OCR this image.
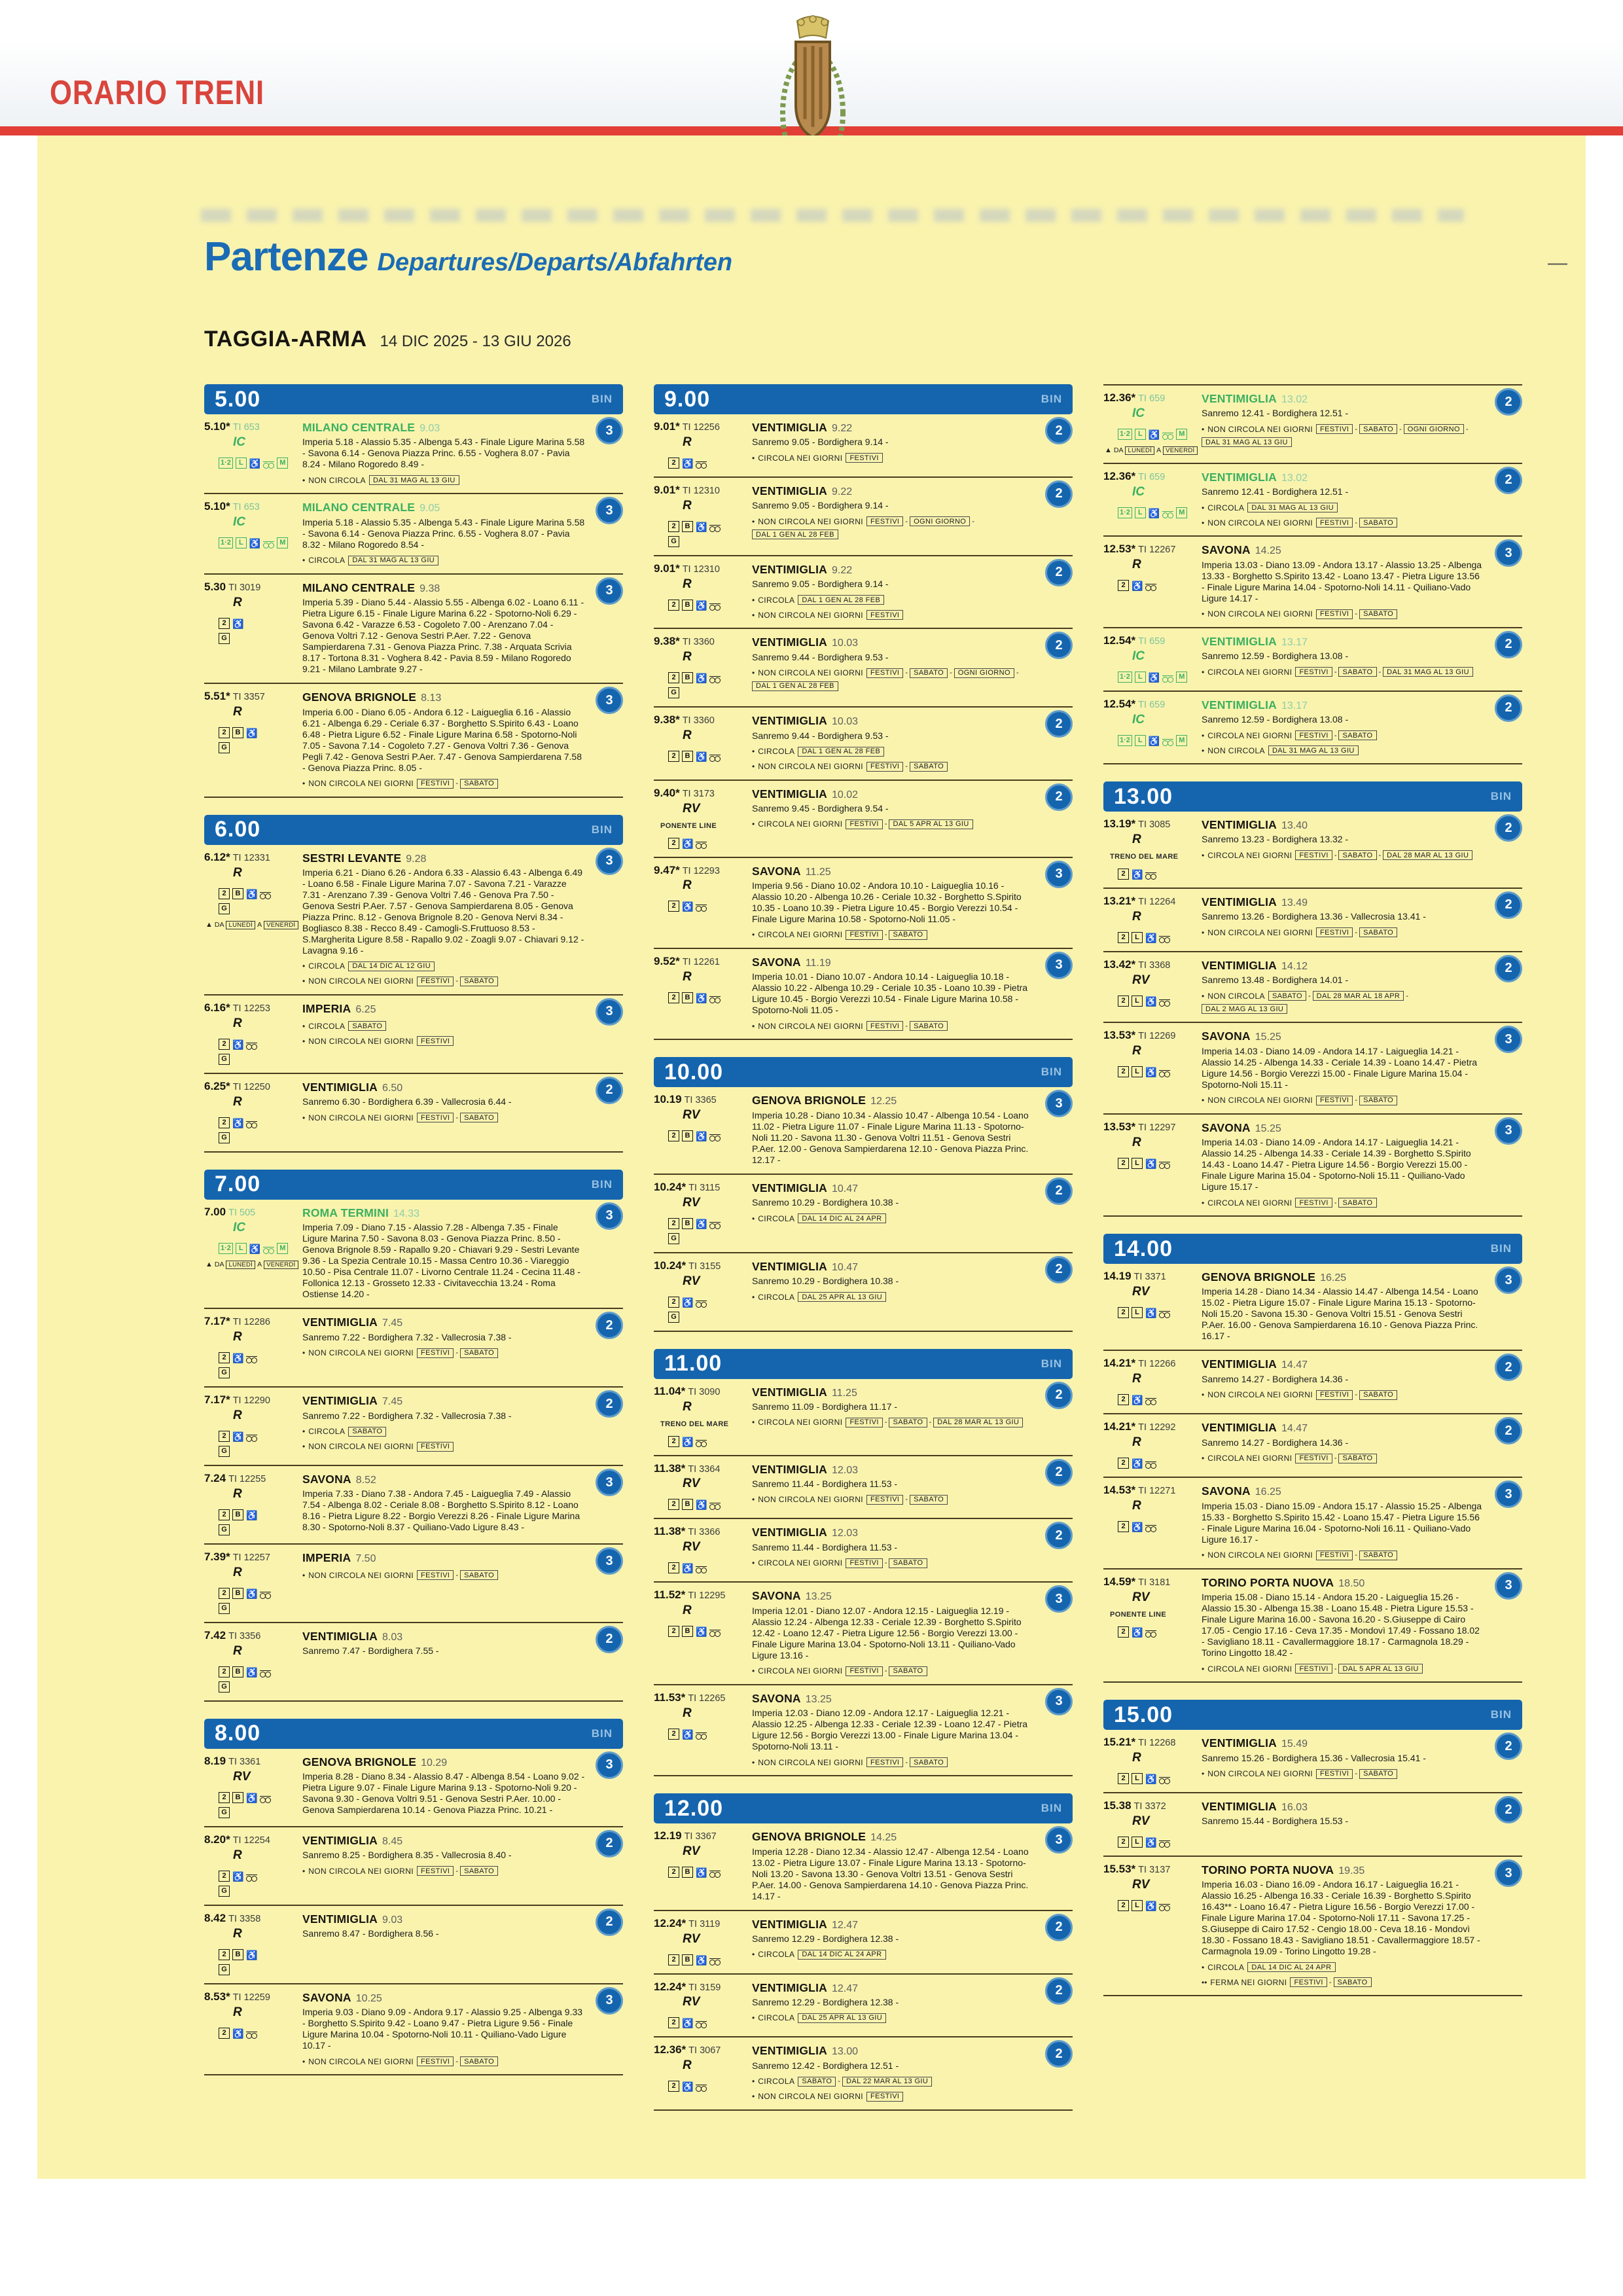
ORARIO TRENI
Partenze Departures/Departs/Abfahrten	—
TAGGIA-ARMA 14 DIC 2025 - 13 GIU 2026
5.00	BIN
5.10* TI 653
IC
1·2	L ♿	M
MILANO CENTRALE 9.03

Imperia 5.18 - Alassio 5.35 - Albenga 5.43 - Finale Ligure Marina 5.58 - Savona 6.14 - Genova Piazza Princ. 6.55 - Voghera 8.07 - Pavia 8.24 - Milano Rogoredo 8.49 -

• NON CIRCOLA	DAL 31 MAG AL 13 GIU
3
5.10* TI 653
IC
1·2	L ♿	M
MILANO CENTRALE 9.05

Imperia 5.18 - Alassio 5.35 - Albenga 5.43 - Finale Ligure Marina 5.58 - Savona 6.14 - Genova Piazza Princ. 6.55 - Voghera 8.07 - Pavia 8.32 - Milano Rogoredo 8.54 -

• CIRCOLA	DAL 31 MAG AL 13 GIU
3
5.30 TI 3019
R
2 ♿
G
MILANO CENTRALE 9.38

Imperia 5.39 - Diano 5.44 - Alassio 5.55 - Albenga 6.02 - Loano 6.11 - Pietra Ligure 6.15 - Finale Ligure Marina 6.22 - Spotorno-Noli 6.29 - Savona 6.42 - Varazze 6.53 - Cogoleto 7.00 - Arenzano 7.04 - Genova Voltri 7.12 - Genova Sestri P.Aer. 7.22 - Genova Sampierdarena 7.31 - Genova Piazza Princ. 7.38 - Arquata Scrivia 8.17 - Tortona 8.31 - Voghera 8.42 - Pavia 8.59 - Milano Rogoredo 9.21 - Milano Lambrate 9.27 -

3
5.51* TI 3357
R
2	B ♿
G
GENOVA BRIGNOLE 8.13

Imperia 6.00 - Diano 6.05 - Andora 6.12 - Laigueglia 6.16 - Alassio 6.21 - Albenga 6.29 - Ceriale 6.37 - Borghetto S.Spirito 6.43 - Loano 6.48 - Pietra Ligure 6.52 - Finale Ligure Marina 6.58 - Spotorno-Noli 7.05 - Savona 7.14 - Cogoleto 7.27 - Genova Voltri 7.36 - Genova Pegli 7.42 - Genova Sestri P.Aer. 7.47 - Genova Sampierdarena 7.58 - Genova Piazza Princ. 8.05 -

• NON CIRCOLA NEI GIORNI	FESTIVI - SABATO
3
6.00	BIN
6.12* TI 12331
R
2	B ♿
G
▲ DA LUNEDÌ A VENERDÌ
SESTRI LEVANTE 9.28

Imperia 6.21 - Diano 6.26 - Andora 6.33 - Alassio 6.43 - Albenga 6.49 - Loano 6.58 - Finale Ligure Marina 7.07 - Savona 7.21 - Varazze 7.31 - Arenzano 7.39 - Genova Voltri 7.46 - Genova Pra 7.50 - Genova Sestri P.Aer. 7.57 - Genova Sampierdarena 8.05 - Genova Piazza Princ. 8.12 - Genova Brignole 8.20 - Genova Nervi 8.34 - Bogliasco 8.38 - Recco 8.49 - Camogli-S.Fruttuoso 8.53 - S.Margherita Ligure 8.58 - Rapallo 9.02 - Zoagli 9.07 - Chiavari 9.12 - Lavagna 9.16 -

• CIRCOLA	DAL 14 DIC AL 12 GIU
• NON CIRCOLA NEI GIORNI	FESTIVI - SABATO
3
6.16* TI 12253
R
2 ♿
G
IMPERIA 6.25
• CIRCOLA	SABATO
• NON CIRCOLA NEI GIORNI	FESTIVI
3
6.25* TI 12250
R
2 ♿
G
VENTIMIGLIA 6.50

Sanremo 6.30 - Bordighera 6.39 - Vallecrosia 6.44 -

• NON CIRCOLA NEI GIORNI	FESTIVI - SABATO
2
7.00	BIN
7.00 TI 505
IC
1·2	L ♿	M
▲ DA LUNEDÌ A VENERDÌ
ROMA TERMINI 14.33

Imperia 7.09 - Diano 7.15 - Alassio 7.28 - Albenga 7.35 - Finale Ligure Marina 7.50 - Savona 8.03 - Genova Piazza Princ. 8.50 - Genova Brignole 8.59 - Rapallo 9.20 - Chiavari 9.29 - Sestri Levante 9.36 - La Spezia Centrale 10.15 - Massa Centro 10.36 - Viareggio 10.50 - Pisa Centrale 11.07 - Livorno Centrale 11.24 - Cecina 11.48 - Follonica 12.13 - Grosseto 12.33 - Civitavecchia 13.24 - Roma Ostiense 14.20 -

3
7.17* TI 12286
R
2 ♿
G
VENTIMIGLIA 7.45

Sanremo 7.22 - Bordighera 7.32 - Vallecrosia 7.38 -

• NON CIRCOLA NEI GIORNI	FESTIVI - SABATO
2
7.17* TI 12290
R
2 ♿
G
VENTIMIGLIA 7.45

Sanremo 7.22 - Bordighera 7.32 - Vallecrosia 7.38 -

• CIRCOLA	SABATO
• NON CIRCOLA NEI GIORNI	FESTIVI
2
7.24 TI 12255
R
2	B ♿
G
SAVONA 8.52

Imperia 7.33 - Diano 7.38 - Andora 7.45 - Laigueglia 7.49 - Alassio 7.54 - Albenga 8.02 - Ceriale 8.08 - Borghetto S.Spirito 8.12 - Loano 8.16 - Pietra Ligure 8.22 - Borgio Verezzi 8.26 - Finale Ligure Marina 8.30 - Spotorno-Noli 8.37 - Quiliano-Vado Ligure 8.43 -

3
7.39* TI 12257
R
2	B ♿
G
IMPERIA 7.50
• NON CIRCOLA NEI GIORNI	FESTIVI - SABATO
3
7.42 TI 3356
R
2	B ♿
G
VENTIMIGLIA 8.03

Sanremo 7.47 - Bordighera 7.55 -

2
8.00	BIN
8.19 TI 3361
RV
2	B ♿
G
GENOVA BRIGNOLE 10.29

Imperia 8.28 - Diano 8.34 - Alassio 8.47 - Albenga 8.54 - Loano 9.02 - Pietra Ligure 9.07 - Finale Ligure Marina 9.13 - Spotorno-Noli 9.20 - Savona 9.30 - Genova Voltri 9.51 - Genova Sestri P.Aer. 10.00 - Genova Sampierdarena 10.14 - Genova Piazza Princ. 10.21 -

3
8.20* TI 12254
R
2 ♿
G
VENTIMIGLIA 8.45

Sanremo 8.25 - Bordighera 8.35 - Vallecrosia 8.40 -

• NON CIRCOLA NEI GIORNI	FESTIVI - SABATO
2
8.42 TI 3358
R
2	B ♿
G
VENTIMIGLIA 9.03

Sanremo 8.47 - Bordighera 8.56 -

2
8.53* TI 12259
R
2 ♿
SAVONA 10.25

Imperia 9.03 - Diano 9.09 - Andora 9.17 - Alassio 9.25 - Albenga 9.33 - Borghetto S.Spirito 9.42 - Loano 9.47 - Pietra Ligure 9.56 - Finale Ligure Marina 10.04 - Spotorno-Noli 10.11 - Quiliano-Vado Ligure 10.17 -

• NON CIRCOLA NEI GIORNI	FESTIVI - SABATO
3
9.00	BIN
9.01* TI 12256
R
2 ♿
VENTIMIGLIA 9.22

Sanremo 9.05 - Bordighera 9.14 -

• CIRCOLA NEI GIORNI	FESTIVI
2
9.01* TI 12310
R
2	B ♿
G
VENTIMIGLIA 9.22

Sanremo 9.05 - Bordighera 9.14 -

• NON CIRCOLA NEI GIORNI	FESTIVI - OGNI GIORNO -
DAL 1 GEN AL 28 FEB
2
9.01* TI 12310
R
2	B ♿
VENTIMIGLIA 9.22

Sanremo 9.05 - Bordighera 9.14 -

• CIRCOLA	DAL 1 GEN AL 28 FEB
• NON CIRCOLA NEI GIORNI	FESTIVI
2
9.38* TI 3360
R
2	B ♿
G
VENTIMIGLIA 10.03

Sanremo 9.44 - Bordighera 9.53 -

• NON CIRCOLA NEI GIORNI	FESTIVI - SABATO - OGNI GIORNO -
DAL 1 GEN AL 28 FEB
2
9.38* TI 3360
R
2	B ♿
VENTIMIGLIA 10.03

Sanremo 9.44 - Bordighera 9.53 -

• CIRCOLA	DAL 1 GEN AL 28 FEB
• NON CIRCOLA NEI GIORNI	FESTIVI - SABATO
2
9.40* TI 3173
RV
PONENTE LINE
2 ♿
VENTIMIGLIA 10.02

Sanremo 9.45 - Bordighera 9.54 -

• CIRCOLA NEI GIORNI	FESTIVI - DAL 5 APR AL 13 GIU
2
9.47* TI 12293
R
2 ♿
SAVONA 11.25

Imperia 9.56 - Diano 10.02 - Andora 10.10 - Laigueglia 10.16 - Alassio 10.20 - Albenga 10.26 - Ceriale 10.32 - Borghetto S.Spirito 10.35 - Loano 10.39 - Pietra Ligure 10.45 - Borgio Verezzi 10.54 - Finale Ligure Marina 10.58 - Spotorno-Noli 11.05 -

• CIRCOLA NEI GIORNI	FESTIVI - SABATO
3
9.52* TI 12261
R
2	B ♿
SAVONA 11.19

Imperia 10.01 - Diano 10.07 - Andora 10.14 - Laigueglia 10.18 - Alassio 10.22 - Albenga 10.29 - Ceriale 10.35 - Loano 10.39 - Pietra Ligure 10.45 - Borgio Verezzi 10.54 - Finale Ligure Marina 10.58 - Spotorno-Noli 11.05 -

• NON CIRCOLA NEI GIORNI	FESTIVI - SABATO
3
10.00	BIN
10.19 TI 3365
RV
2	B ♿
GENOVA BRIGNOLE 12.25

Imperia 10.28 - Diano 10.34 - Alassio 10.47 - Albenga 10.54 - Loano 11.02 - Pietra Ligure 11.07 - Finale Ligure Marina 11.13 - Spotorno-Noli 11.20 - Savona 11.30 - Genova Voltri 11.51 - Genova Sestri P.Aer. 12.00 - Genova Sampierdarena 12.10 - Genova Piazza Princ. 12.17 -

3
10.24* TI 3115
RV
2	B ♿
G
VENTIMIGLIA 10.47

Sanremo 10.29 - Bordighera 10.38 -

• CIRCOLA	DAL 14 DIC AL 24 APR
2
10.24* TI 3155
RV
2 ♿
G
VENTIMIGLIA 10.47

Sanremo 10.29 - Bordighera 10.38 -

• CIRCOLA	DAL 25 APR AL 13 GIU
2
11.00	BIN
11.04* TI 3090
R
TRENO DEL MARE
2 ♿
VENTIMIGLIA 11.25

Sanremo 11.09 - Bordighera 11.17 -

• CIRCOLA NEI GIORNI	FESTIVI - SABATO - DAL 28 MAR AL 13 GIU
2
11.38* TI 3364
RV
2	B ♿
VENTIMIGLIA 12.03

Sanremo 11.44 - Bordighera 11.53 -

• NON CIRCOLA NEI GIORNI	FESTIVI - SABATO
2
11.38* TI 3366
RV
2 ♿
VENTIMIGLIA 12.03

Sanremo 11.44 - Bordighera 11.53 -

• CIRCOLA NEI GIORNI	FESTIVI - SABATO
2
11.52* TI 12295
R
2	B ♿
SAVONA 13.25

Imperia 12.01 - Diano 12.07 - Andora 12.15 - Laigueglia 12.19 - Alassio 12.24 - Albenga 12.33 - Ceriale 12.39 - Borghetto S.Spirito 12.42 - Loano 12.47 - Pietra Ligure 12.56 - Borgio Verezzi 13.00 - Finale Ligure Marina 13.04 - Spotorno-Noli 13.11 - Quiliano-Vado Ligure 13.16 -

• CIRCOLA NEI GIORNI	FESTIVI - SABATO
3
11.53* TI 12265
R
2 ♿
SAVONA 13.25

Imperia 12.03 - Diano 12.09 - Andora 12.17 - Laigueglia 12.21 - Alassio 12.25 - Albenga 12.33 - Ceriale 12.39 - Loano 12.47 - Pietra Ligure 12.56 - Borgio Verezzi 13.00 - Finale Ligure Marina 13.04 - Spotorno-Noli 13.11 -

• NON CIRCOLA NEI GIORNI	FESTIVI - SABATO
3
12.00	BIN
12.19 TI 3367
RV
2	B ♿
GENOVA BRIGNOLE 14.25

Imperia 12.28 - Diano 12.34 - Alassio 12.47 - Albenga 12.54 - Loano 13.02 - Pietra Ligure 13.07 - Finale Ligure Marina 13.13 - Spotorno-Noli 13.20 - Savona 13.30 - Genova Voltri 13.51 - Genova Sestri P.Aer. 14.00 - Genova Sampierdarena 14.10 - Genova Piazza Princ. 14.17 -

3
12.24* TI 3119
RV
2	B ♿
VENTIMIGLIA 12.47

Sanremo 12.29 - Bordighera 12.38 -

• CIRCOLA	DAL 14 DIC AL 24 APR
2
12.24* TI 3159
RV
2 ♿
VENTIMIGLIA 12.47

Sanremo 12.29 - Bordighera 12.38 -

• CIRCOLA	DAL 25 APR AL 13 GIU
2
12.36* TI 3067
R
2 ♿
VENTIMIGLIA 13.00

Sanremo 12.42 - Bordighera 12.51 -

• CIRCOLA	SABATO - DAL 22 MAR AL 13 GIU
• NON CIRCOLA NEI GIORNI	FESTIVI
2
12.36* TI 659
IC
1·2	L ♿	M
▲ DA LUNEDÌ A VENERDÌ
VENTIMIGLIA 13.02

Sanremo 12.41 - Bordighera 12.51 -

• NON CIRCOLA NEI GIORNI	FESTIVI - SABATO - OGNI GIORNO -
DAL 31 MAG AL 13 GIU
2
12.36* TI 659
IC
1·2	L ♿	M
VENTIMIGLIA 13.02

Sanremo 12.41 - Bordighera 12.51 -

• CIRCOLA	DAL 31 MAG AL 13 GIU
• NON CIRCOLA NEI GIORNI	FESTIVI - SABATO
2
12.53* TI 12267
R
2 ♿
SAVONA 14.25

Imperia 13.03 - Diano 13.09 - Andora 13.17 - Alassio 13.25 - Albenga 13.33 - Borghetto S.Spirito 13.42 - Loano 13.47 - Pietra Ligure 13.56 - Finale Ligure Marina 14.04 - Spotorno-Noli 14.11 - Quiliano-Vado Ligure 14.17 -

• NON CIRCOLA NEI GIORNI	FESTIVI - SABATO
3
12.54* TI 659
IC
1·2	L ♿	M
VENTIMIGLIA 13.17

Sanremo 12.59 - Bordighera 13.08 -

• CIRCOLA NEI GIORNI	FESTIVI - SABATO - DAL 31 MAG AL 13 GIU
2
12.54* TI 659
IC
1·2	L ♿	M
VENTIMIGLIA 13.17

Sanremo 12.59 - Bordighera 13.08 -

• CIRCOLA NEI GIORNI	FESTIVI - SABATO
• NON CIRCOLA	DAL 31 MAG AL 13 GIU
2
13.00	BIN
13.19* TI 3085
R
TRENO DEL MARE
2 ♿
VENTIMIGLIA 13.40

Sanremo 13.23 - Bordighera 13.32 -

• CIRCOLA NEI GIORNI	FESTIVI - SABATO - DAL 28 MAR AL 13 GIU
2
13.21* TI 12264
R
2	L ♿
VENTIMIGLIA 13.49

Sanremo 13.26 - Bordighera 13.36 - Vallecrosia 13.41 -

• NON CIRCOLA NEI GIORNI	FESTIVI - SABATO
2
13.42* TI 3368
RV
2	L ♿
VENTIMIGLIA 14.12

Sanremo 13.48 - Bordighera 14.01 -

• NON CIRCOLA	SABATO - DAL 28 MAR AL 18 APR -
DAL 2 MAG AL 13 GIU
2
13.53* TI 12269
R
2	L ♿
SAVONA 15.25

Imperia 14.03 - Diano 14.09 - Andora 14.17 - Laigueglia 14.21 - Alassio 14.25 - Albenga 14.33 - Ceriale 14.39 - Loano 14.47 - Pietra Ligure 14.56 - Borgio Verezzi 15.00 - Finale Ligure Marina 15.04 - Spotorno-Noli 15.11 -

• NON CIRCOLA NEI GIORNI	FESTIVI - SABATO
3
13.53* TI 12297
R
2	L ♿
SAVONA 15.25

Imperia 14.03 - Diano 14.09 - Andora 14.17 - Laigueglia 14.21 - Alassio 14.25 - Albenga 14.33 - Ceriale 14.39 - Borghetto S.Spirito 14.43 - Loano 14.47 - Pietra Ligure 14.56 - Borgio Verezzi 15.00 - Finale Ligure Marina 15.04 - Spotorno-Noli 15.11 - Quiliano-Vado Ligure 15.17 -

• CIRCOLA NEI GIORNI	FESTIVI - SABATO
3
14.00	BIN
14.19 TI 3371
RV
2	L ♿
GENOVA BRIGNOLE 16.25

Imperia 14.28 - Diano 14.34 - Alassio 14.47 - Albenga 14.54 - Loano 15.02 - Pietra Ligure 15.07 - Finale Ligure Marina 15.13 - Spotorno-Noli 15.20 - Savona 15.30 - Genova Voltri 15.51 - Genova Sestri P.Aer. 16.00 - Genova Sampierdarena 16.10 - Genova Piazza Princ. 16.17 -

3
14.21* TI 12266
R
2 ♿
VENTIMIGLIA 14.47

Sanremo 14.27 - Bordighera 14.36 -

• NON CIRCOLA NEI GIORNI	FESTIVI - SABATO
2
14.21* TI 12292
R
2 ♿
VENTIMIGLIA 14.47

Sanremo 14.27 - Bordighera 14.36 -

• CIRCOLA NEI GIORNI	FESTIVI - SABATO
2
14.53* TI 12271
R
2 ♿
SAVONA 16.25

Imperia 15.03 - Diano 15.09 - Andora 15.17 - Alassio 15.25 - Albenga 15.33 - Borghetto S.Spirito 15.42 - Loano 15.47 - Pietra Ligure 15.56 - Finale Ligure Marina 16.04 - Spotorno-Noli 16.11 - Quiliano-Vado Ligure 16.17 -

• NON CIRCOLA NEI GIORNI	FESTIVI - SABATO
3
14.59* TI 3181
RV
PONENTE LINE
2 ♿
TORINO PORTA NUOVA 18.50

Imperia 15.08 - Diano 15.14 - Andora 15.20 - Laigueglia 15.26 - Alassio 15.30 - Albenga 15.38 - Loano 15.48 - Pietra Ligure 15.53 - Finale Ligure Marina 16.00 - Savona 16.20 - S.Giuseppe di Cairo 17.05 - Cengio 17.16 - Ceva 17.35 - Mondovì 17.49 - Fossano 18.02 - Savigliano 18.11 - Cavallermaggiore 18.17 - Carmagnola 18.29 - Torino Lingotto 18.42 -

• CIRCOLA NEI GIORNI	FESTIVI - DAL 5 APR AL 13 GIU
3
15.00	BIN
15.21* TI 12268
R
2	L ♿
VENTIMIGLIA 15.49

Sanremo 15.26 - Bordighera 15.36 - Vallecrosia 15.41 -

• NON CIRCOLA NEI GIORNI	FESTIVI - SABATO
2
15.38 TI 3372
RV
2	L ♿
VENTIMIGLIA 16.03

Sanremo 15.44 - Bordighera 15.53 -

2
15.53* TI 3137
RV
2	L ♿
TORINO PORTA NUOVA 19.35

Imperia 16.03 - Diano 16.09 - Andora 16.17 - Laigueglia 16.21 - Alassio 16.25 - Albenga 16.33 - Ceriale 16.39 - Borghetto S.Spirito 16.43** - Loano 16.47 - Pietra Ligure 16.56 - Borgio Verezzi 17.00 - Finale Ligure Marina 17.04 - Spotorno-Noli 17.11 - Savona 17.25 - S.Giuseppe di Cairo 17.52 - Cengio 18.00 - Ceva 18.16 - Mondovì 18.30 - Fossano 18.43 - Savigliano 18.51 - Cavallermaggiore 18.57 - Carmagnola 19.09 - Torino Lingotto 19.28 -

• CIRCOLA	DAL 14 DIC AL 24 APR
•• FERMA NEI GIORNI	FESTIVI - SABATO
3
